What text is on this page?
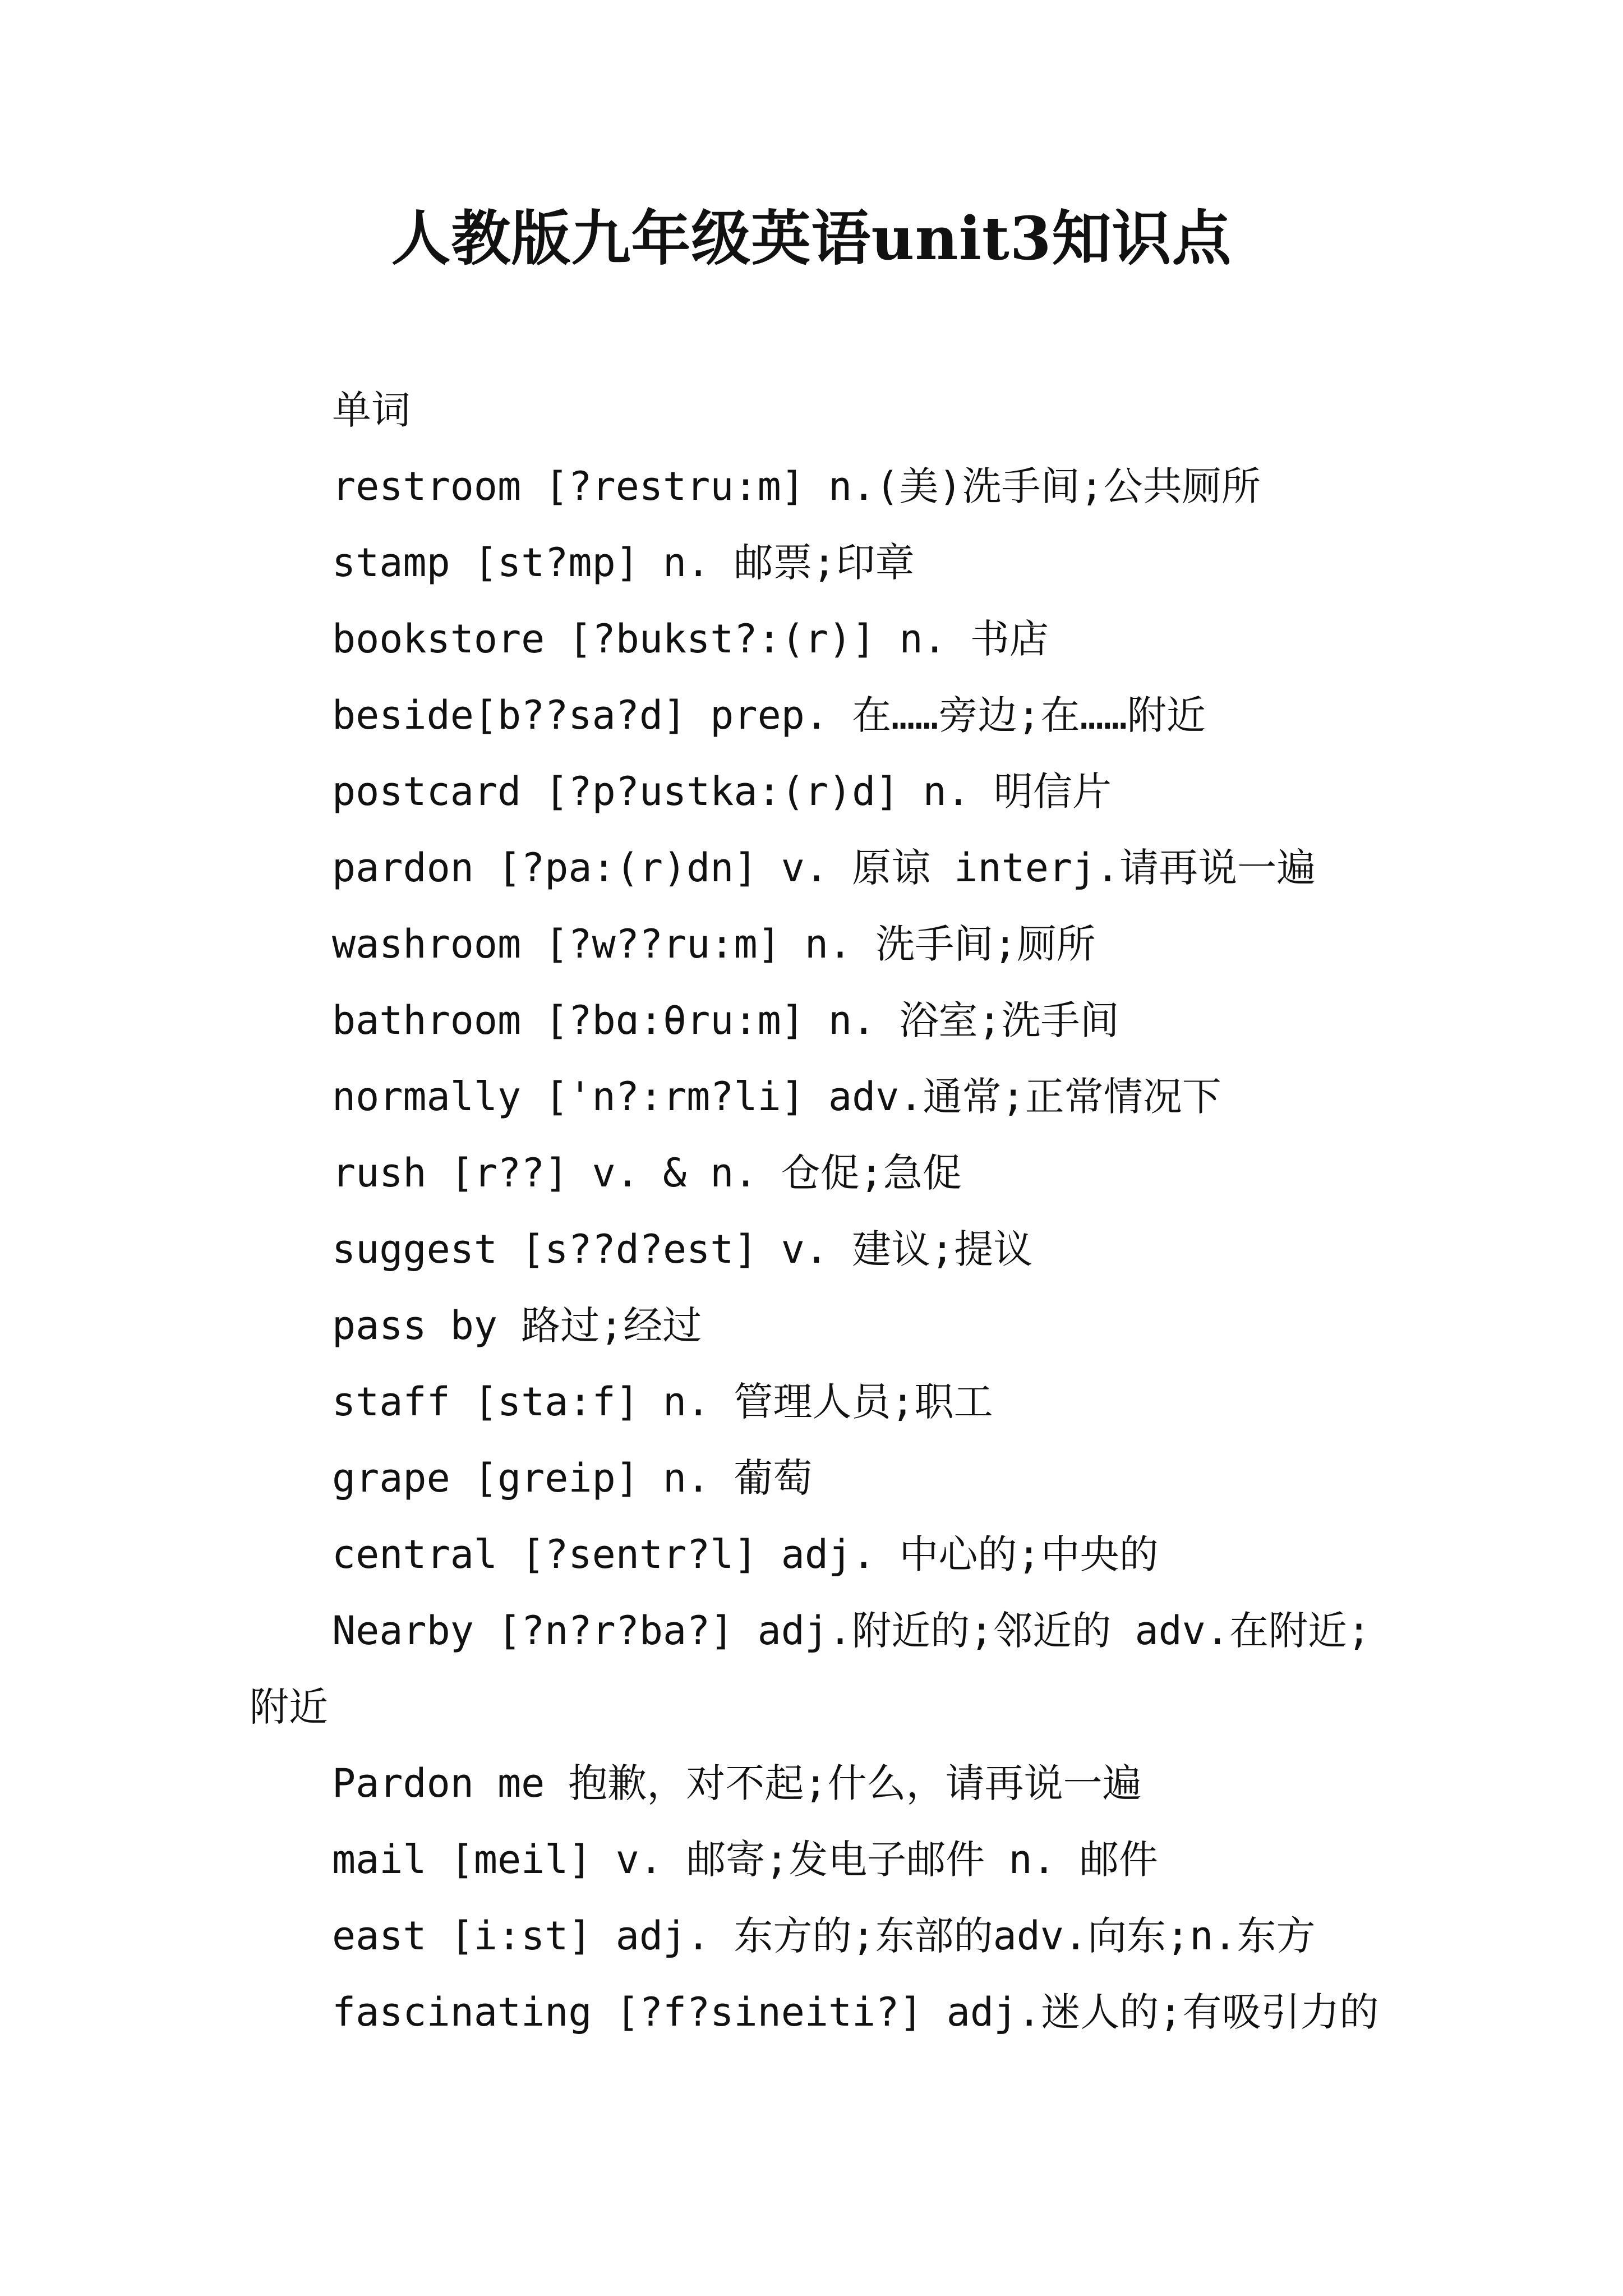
人教版九年级英语unit3知识点
单词
restroom [?restru:m] n.(美)洗手间;公共厕所
stamp [st?mp] n. 邮票;印章
bookstore [?bukst?:(r)] n. 书店
beside[b??sa?d] prep. 在……旁边;在……附近
postcard [?p?ustka:(r)d] n. 明信片
pardon [?pa:(r)dn] v. 原谅 interj.请再说一遍
washroom [?w??ru:m] n. 洗手间;厕所
bathroom [?bɑ:θru:m] n. 浴室;洗手间
normally ['n?:rm?li] adv.通常;正常情况下
rush [r??] v. & n. 仓促;急促
suggest [s??d?est] v. 建议;提议
pass by 路过;经过
staff [sta:f] n. 管理人员;职工
grape [greip] n. 葡萄
central [?sentr?l] adj. 中心的;中央的
Nearby [?n?r?ba?] adj.附近的;邻近的 adv.在附近;
附近
Pardon me 抱歉，对不起;什么，请再说一遍
mail [meil] v. 邮寄;发电子邮件 n. 邮件
east [i:st] adj. 东方的;东部的adv.向东;n.东方
fascinating [?f?sineiti?] adj.迷人的;有吸引力的
